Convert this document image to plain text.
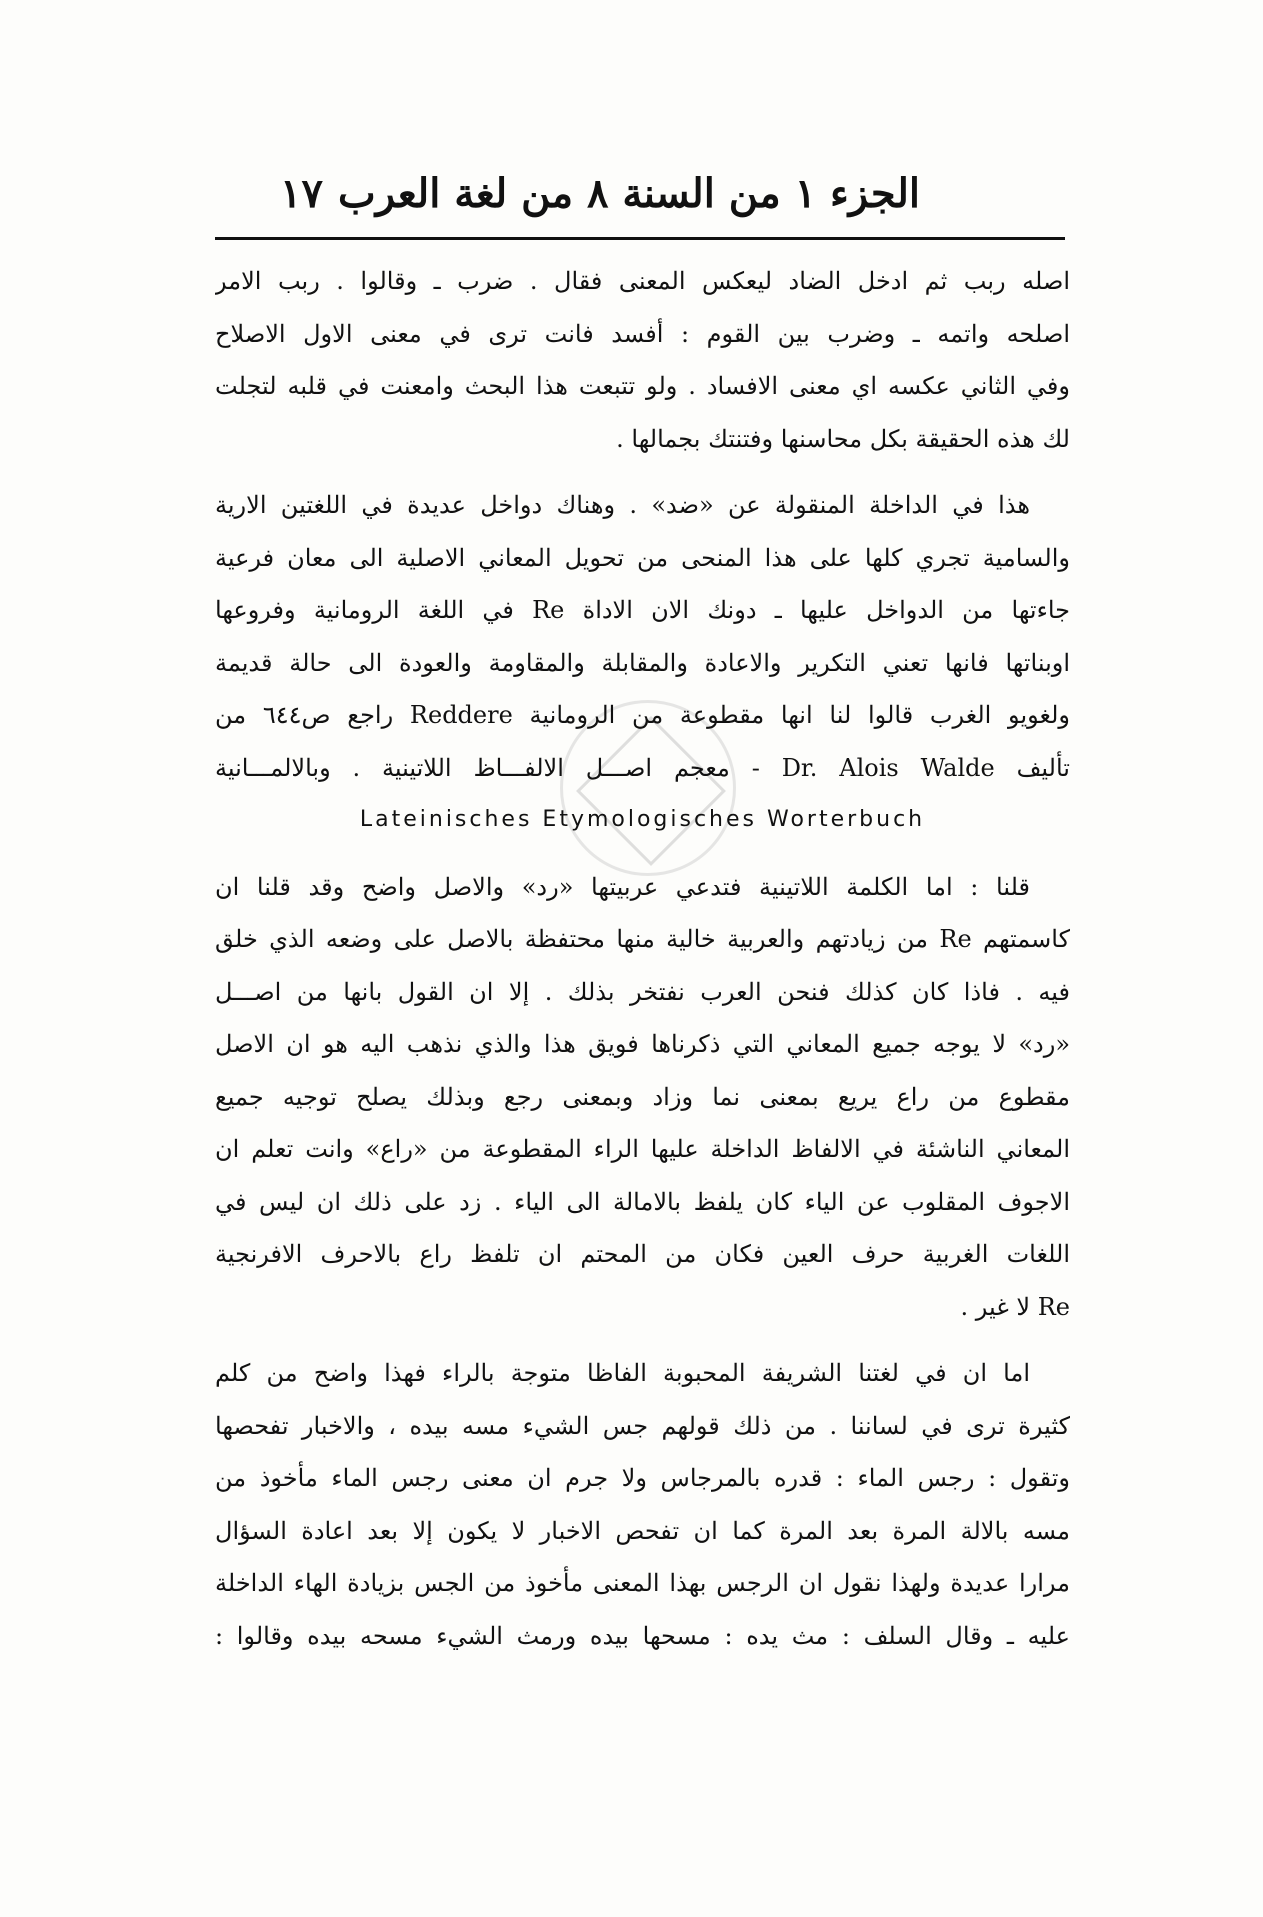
الجزء ١ من السنة ٨ من لغة العرب
١٧
اصله ربب ثم ادخل الضاد ليعكس المعنى فقال . ضرب ـ وقالوا . ربب الامر
اصلحه واتمه ـ وضرب بين القوم : أفسد فانت ترى في معنى الاول الاصلاح
وفي الثاني عكسه اي معنى الافساد . ولو تتبعت هذا البحث وامعنت في قلبه لتجلت
لك هذه الحقيقة بكل محاسنها وفتنتك بجمالها .
هذا في الداخلة المنقولة عن «ضد» . وهناك دواخل عديدة في اللغتين الارية
والسامية تجري كلها على هذا المنحى من تحويل المعاني الاصلية الى معان فرعية
جاءتها من الدواخل عليها ـ دونك الان الاداة Re في اللغة الرومانية وفروعها
اوبناتها فانها تعني التكرير والاعادة والمقابلة والمقاومة والعودة الى حالة قديمة
ولغويو الغرب قالوا لنا انها مقطوعة من الرومانية Reddere راجع ص٦٤٤ من
تأليف Dr. Alois Walde - معجم اصـــل الالفـــاظ اللاتينية . وبالالمـــانية
Lateinisches Etymologisches Worterbuch
قلنا : اما الكلمة اللاتينية فتدعي عربيتها «رد» والاصل واضح وقد قلنا ان
كاسمتهم Re من زيادتهم والعربية خالية منها محتفظة بالاصل على وضعه الذي خلق
فيه . فاذا كان كذلك فنحن العرب نفتخر بذلك . إلا ان القول بانها من اصـــل
«رد» لا يوجه جميع المعاني التي ذكرناها فويق هذا والذي نذهب اليه هو ان الاصل
مقطوع من راع يريع بمعنى نما وزاد وبمعنى رجع وبذلك يصلح توجيه جميع
المعاني الناشئة في الالفاظ الداخلة عليها الراء المقطوعة من «راع» وانت تعلم ان
الاجوف المقلوب عن الياء كان يلفظ بالامالة الى الياء . زد على ذلك ان ليس في
اللغات الغربية حرف العين فكان من المحتم ان تلفظ راع بالاحرف الافرنجية
Re لا غير .
اما ان في لغتنا الشريفة المحبوبة الفاظا متوجة بالراء فهذا واضح من كلم
كثيرة ترى في لساننا . من ذلك قولهم جس الشيء مسه بيده ، والاخبار تفحصها
وتقول : رجس الماء : قدره بالمرجاس ولا جرم ان معنى رجس الماء مأخوذ من
مسه بالالة المرة بعد المرة كما ان تفحص الاخبار لا يكون إلا بعد اعادة السؤال
مرارا عديدة ولهذا نقول ان الرجس بهذا المعنى مأخوذ من الجس بزيادة الهاء الداخلة
عليه ـ وقال السلف : مث يده : مسحها بيده ورمث الشيء مسحه بيده وقالوا :
